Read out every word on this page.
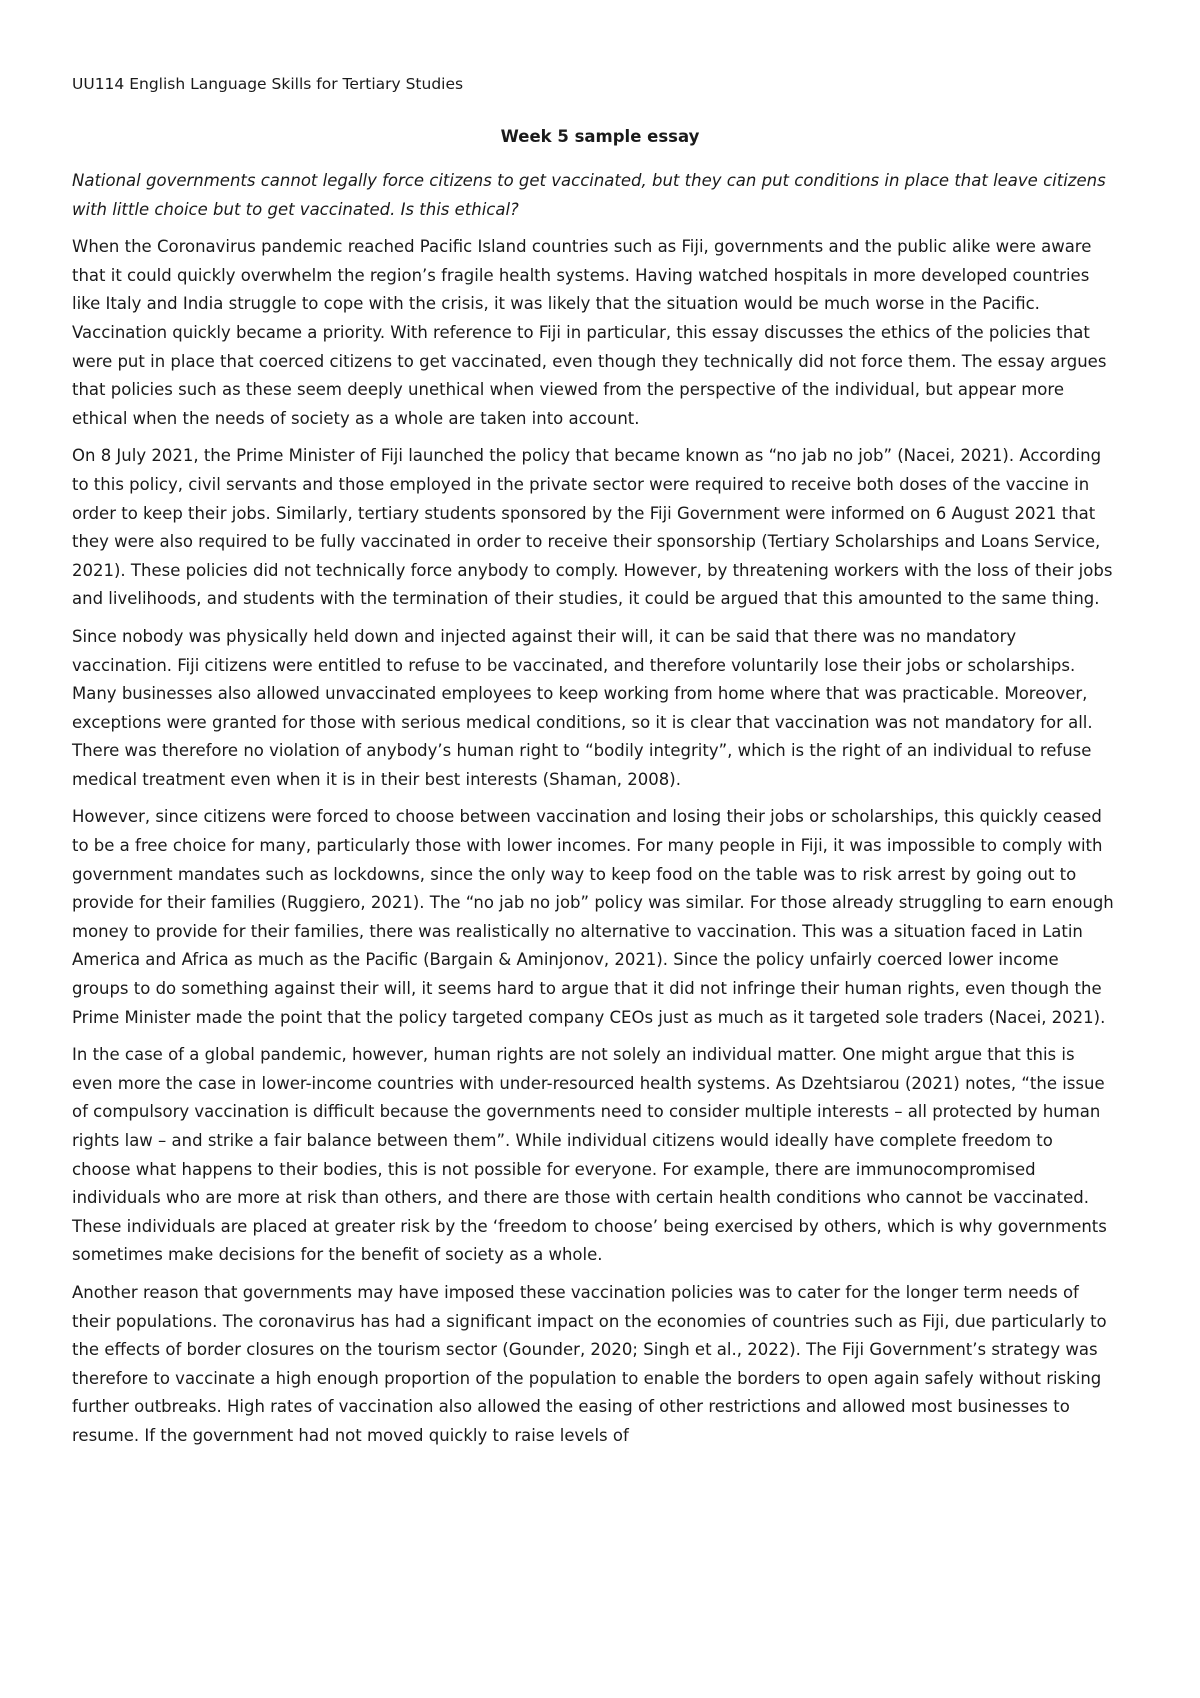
UU114 English Language Skills for Tertiary Studies
Week 5 sample essay

National governments cannot legally force citizens to get vaccinated, but they can put conditions in place that leave citizens with little choice but to get vaccinated. Is this ethical?

When the Coronavirus pandemic reached Pacific Island countries such as Fiji, governments and the public alike were aware that it could quickly overwhelm the region’s fragile health systems. Having watched hospitals in more developed countries like Italy and India struggle to cope with the crisis, it was likely that the situation would be much worse in the Pacific. Vaccination quickly became a priority. With reference to Fiji in particular, this essay discusses the ethics of the policies that were put in place that coerced citizens to get vaccinated, even though they technically did not force them. The essay argues that policies such as these seem deeply unethical when viewed from the perspective of the individual, but appear more ethical when the needs of society as a whole are taken into account.

On 8 July 2021, the Prime Minister of Fiji launched the policy that became known as “no jab no job” (Nacei, 2021). According to this policy, civil servants and those employed in the private sector were required to receive both doses of the vaccine in order to keep their jobs. Similarly, tertiary students sponsored by the Fiji Government were informed on 6 August 2021 that they were also required to be fully vaccinated in order to receive their sponsorship (Tertiary Scholarships and Loans Service, 2021). These policies did not technically force anybody to comply. However, by threatening workers with the loss of their jobs and livelihoods, and students with the termination of their studies, it could be argued that this amounted to the same thing.

Since nobody was physically held down and injected against their will, it can be said that there was no mandatory vaccination. Fiji citizens were entitled to refuse to be vaccinated, and therefore voluntarily lose their jobs or scholarships. Many businesses also allowed unvaccinated employees to keep working from home where that was practicable. Moreover, exceptions were granted for those with serious medical conditions, so it is clear that vaccination was not mandatory for all. There was therefore no violation of anybody’s human right to “bodily integrity”, which is the right of an individual to refuse medical treatment even when it is in their best interests (Shaman, 2008).

However, since citizens were forced to choose between vaccination and losing their jobs or scholarships, this quickly ceased to be a free choice for many, particularly those with lower incomes. For many people in Fiji, it was impossible to comply with government mandates such as lockdowns, since the only way to keep food on the table was to risk arrest by going out to provide for their families (Ruggiero, 2021). The “no jab no job” policy was similar. For those already struggling to earn enough money to provide for their families, there was realistically no alternative to vaccination. This was a situation faced in Latin America and Africa as much as the Pacific (Bargain & Aminjonov, 2021). Since the policy unfairly coerced lower income groups to do something against their will, it seems hard to argue that it did not infringe their human rights, even though the Prime Minister made the point that the policy targeted company CEOs just as much as it targeted sole traders (Nacei, 2021).

In the case of a global pandemic, however, human rights are not solely an individual matter. One might argue that this is even more the case in lower-income countries with under-resourced health systems. As Dzehtsiarou (2021) notes, “the issue of compulsory vaccination is difficult because the governments need to consider multiple interests – all protected by human rights law – and strike a fair balance between them”. While individual citizens would ideally have complete freedom to choose what happens to their bodies, this is not possible for everyone. For example, there are immunocompromised individuals who are more at risk than others, and there are those with certain health conditions who cannot be vaccinated. These individuals are placed at greater risk by the ‘freedom to choose’ being exercised by others, which is why governments sometimes make decisions for the benefit of society as a whole.

Another reason that governments may have imposed these vaccination policies was to cater for the longer term needs of their populations. The coronavirus has had a significant impact on the economies of countries such as Fiji, due particularly to the effects of border closures on the tourism sector (Gounder, 2020; Singh et al., 2022). The Fiji Government’s strategy was therefore to vaccinate a high enough proportion of the population to enable the borders to open again safely without risking further outbreaks. High rates of vaccination also allowed the easing of other restrictions and allowed most businesses to resume. If the government had not moved quickly to raise levels of
